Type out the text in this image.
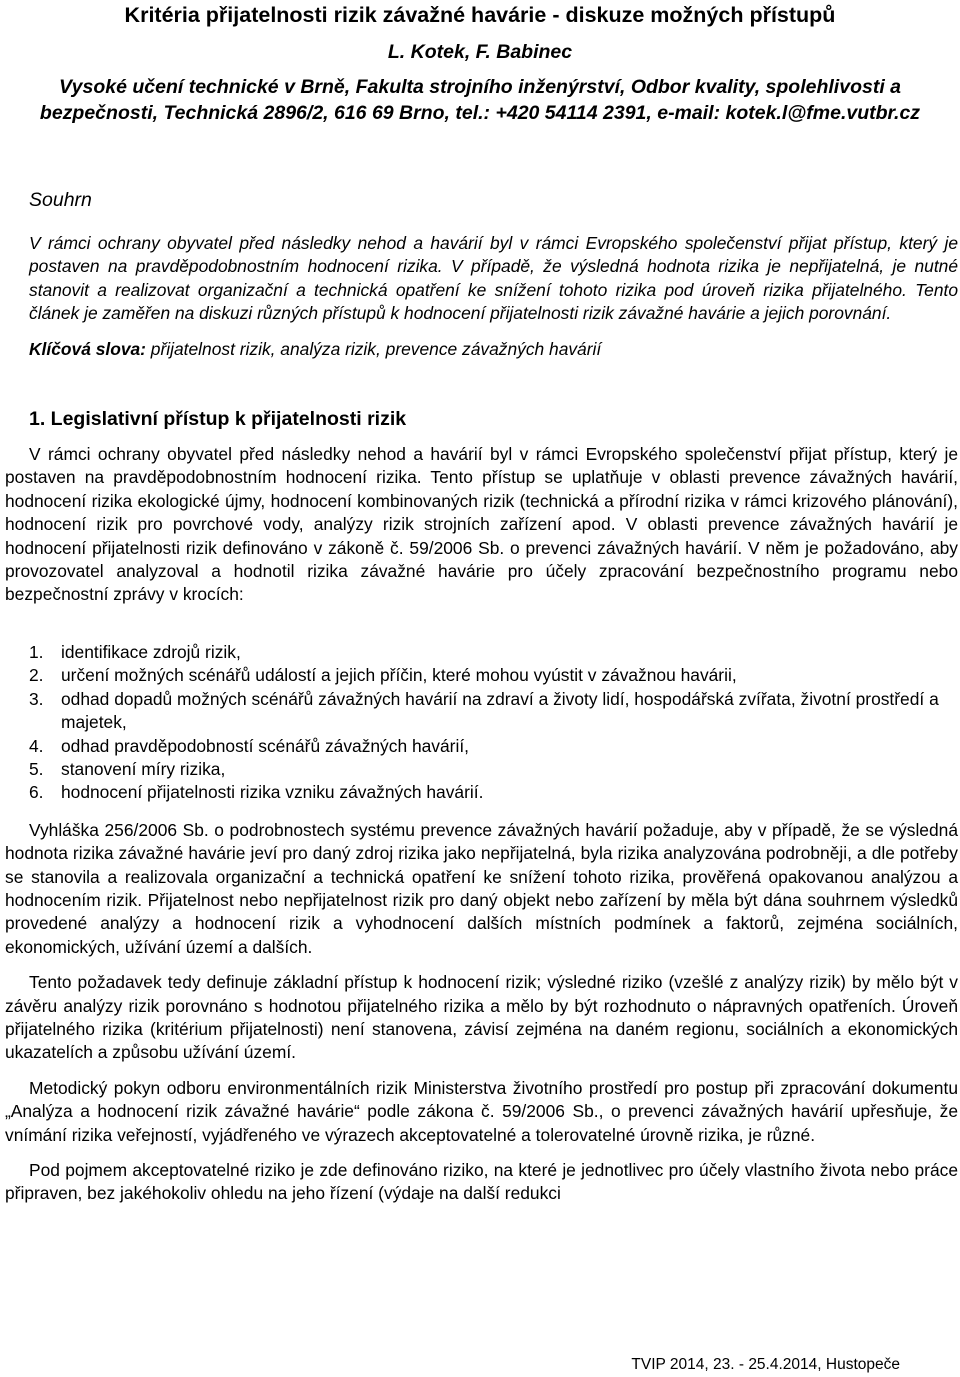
Kritéria přijatelnosti rizik závažné havárie - diskuze možných přístupů
L. Kotek, F. Babinec
Vysoké učení technické v Brně, Fakulta strojního inženýrství, Odbor kvality, spolehlivosti a bezpečnosti, Technická 2896/2, 616 69 Brno, tel.: +420 54114 2391, e-mail: kotek.l@fme.vutbr.cz
Souhrn

V rámci ochrany obyvatel před následky nehod a havárií byl v rámci Evropského společenství přijat přístup, který je postaven na pravděpodobnostním hodnocení rizika. V případě, že výsledná hodnota rizika je nepřijatelná, je nutné stanovit a realizovat organizační a technická opatření ke snížení tohoto rizika pod úroveň rizika přijatelného. Tento článek je zaměřen na diskuzi různých přístupů k hodnocení přijatelnosti rizik závažné havárie a jejich porovnání.

Klíčová slova: přijatelnost rizik, analýza rizik, prevence závažných havárií
1. Legislativní přístup k přijatelnosti rizik

V rámci ochrany obyvatel před následky nehod a havárií byl v rámci Evropského společenství přijat přístup, který je postaven na pravděpodobnostním hodnocení rizika. Tento přístup se uplatňuje v oblasti prevence závažných havárií, hodnocení rizika ekologické újmy, hodnocení kombinovaných rizik (technická a přírodní rizika v rámci krizového plánování), hodnocení rizik pro povrchové vody, analýzy rizik strojních zařízení apod. V oblasti prevence závažných havárií je hodnocení přijatelnosti rizik definováno v zákoně č. 59/2006 Sb. o prevenci závažných havárií. V něm je požadováno, aby provozovatel analyzoval a hodnotil rizika závažné havárie pro účely zpracování bezpečnostního programu nebo bezpečnostní zprávy v krocích:

1. identifikace zdrojů rizik,
2. určení možných scénářů událostí a jejich příčin, které mohou vyústit v závažnou havárii,
3. odhad dopadů možných scénářů závažných havárií na zdraví a životy lidí, hospodářská zvířata, životní prostředí a majetek,
4. odhad pravděpodobností scénářů závažných havárií,
5. stanovení míry rizika,
6. hodnocení přijatelnosti rizika vzniku závažných havárií.

Vyhláška 256/2006 Sb. o podrobnostech systému prevence závažných havárií požaduje, aby v případě, že se výsledná hodnota rizika závažné havárie jeví pro daný zdroj rizika jako nepřijatelná, byla rizika analyzována podrobněji, a dle potřeby se stanovila a realizovala organizační a technická opatření ke snížení tohoto rizika, prověřená opakovanou analýzou a hodnocením rizik. Přijatelnost nebo nepřijatelnost rizik pro daný objekt nebo zařízení by měla být dána souhrnem výsledků provedené analýzy a hodnocení rizik a vyhodnocení dalších místních podmínek a faktorů, zejména sociálních, ekonomických, užívání území a dalších.

Tento požadavek tedy definuje základní přístup k hodnocení rizik; výsledné riziko (vzešlé z analýzy rizik) by mělo být v závěru analýzy rizik porovnáno s hodnotou přijatelného rizika a mělo by být rozhodnuto o nápravných opatřeních. Úroveň přijatelného rizika (kritérium přijatelnosti) není stanovena, závisí zejména na daném regionu, sociálních a ekonomických ukazatelích a způsobu užívání území.

Metodický pokyn odboru environmentálních rizik Ministerstva životního prostředí pro postup při zpracování dokumentu „Analýza a hodnocení rizik závažné havárie“ podle zákona č. 59/2006 Sb., o prevenci závažných havárií upřesňuje, že vnímání rizika veřejností, vyjádřeného ve výrazech akceptovatelné a tolerovatelné úrovně rizika, je různé.

Pod pojmem akceptovatelné riziko je zde definováno riziko, na které je jednotlivec pro účely vlastního života nebo práce připraven, bez jakéhokoliv ohledu na jeho řízení (výdaje na další redukci

TVIP 2014, 23. - 25.4.2014, Hustopeče
